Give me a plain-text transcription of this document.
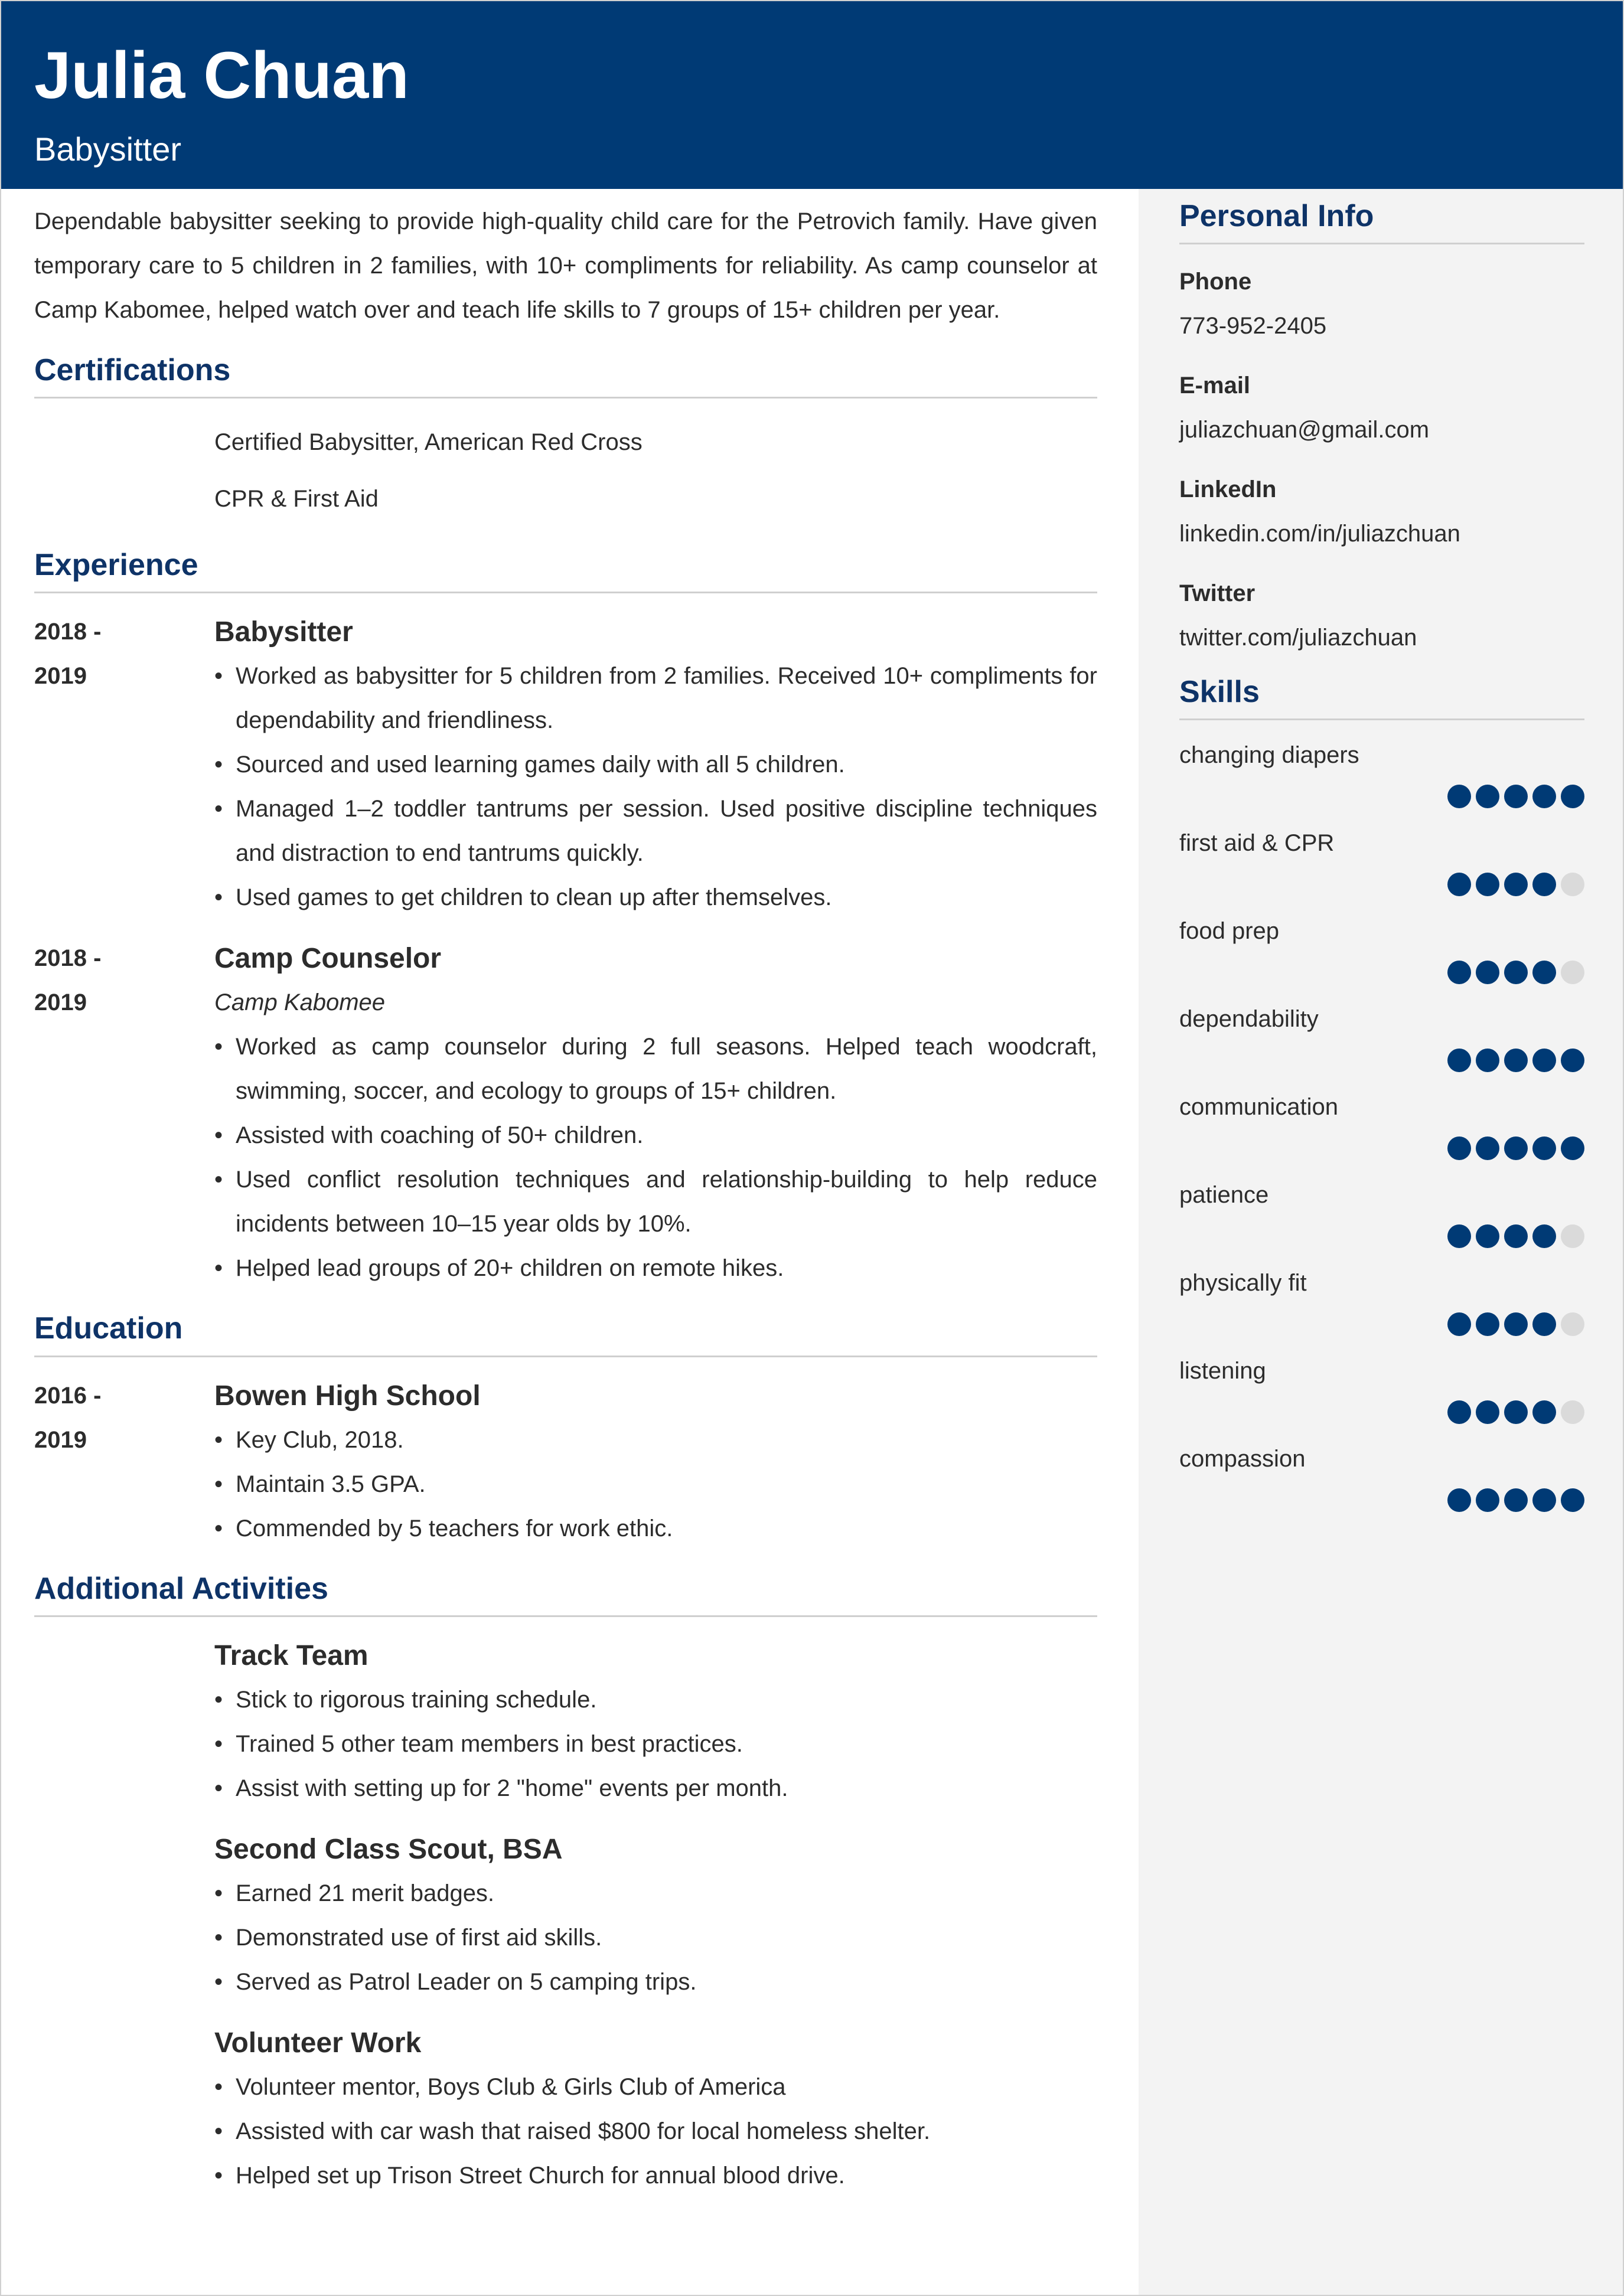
Julia Chuan
Babysitter

Dependable babysitter seeking to provide high-quality child care for the Petrovich family. Have given temporary care to 5 children in 2 families, with 10+ compliments for reliability. As camp counselor at Camp Kabomee, helped watch over and teach life skills to 7 groups of 15+ children per year.

Certifications
Certified Babysitter, American Red Cross
CPR & First Aid
Experience
2018 -
2019
Babysitter
• Worked as babysitter for 5 children from 2 families. Received 10+ compliments for dependability and friendliness.
• Sourced and used learning games daily with all 5 children.
• Managed 1–2 toddler tantrums per session. Used positive discipline techniques and distraction to end tantrums quickly.
• Used games to get children to clean up after themselves.
2018 -
2019
Camp Counselor
Camp Kabomee
• Worked as camp counselor during 2 full seasons. Helped teach woodcraft, swimming, soccer, and ecology to groups of 15+ children.
• Assisted with coaching of 50+ children.
• Used conflict resolution techniques and relationship-building to help reduce incidents between 10–15 year olds by 10%.
• Helped lead groups of 20+ children on remote hikes.
Education
2016 -
2019
Bowen High School
• Key Club, 2018.
• Maintain 3.5 GPA.
• Commended by 5 teachers for work ethic.
Additional Activities
Track Team
• Stick to rigorous training schedule.
• Trained 5 other team members in best practices.
• Assist with setting up for 2 "home" events per month.
Second Class Scout, BSA
• Earned 21 merit badges.
• Demonstrated use of first aid skills.
• Served as Patrol Leader on 5 camping trips.
Volunteer Work
• Volunteer mentor, Boys Club & Girls Club of America
• Assisted with car wash that raised $800 for local homeless shelter.
• Helped set up Trison Street Church for annual blood drive.
Personal Info
Phone
773-952-2405
E-mail
juliazchuan@gmail.com
LinkedIn
linkedin.com/in/juliazchuan
Twitter
twitter.com/juliazchuan
Skills
changing diapers
first aid & CPR
food prep
dependability
communication
patience
physically fit
listening
compassion
